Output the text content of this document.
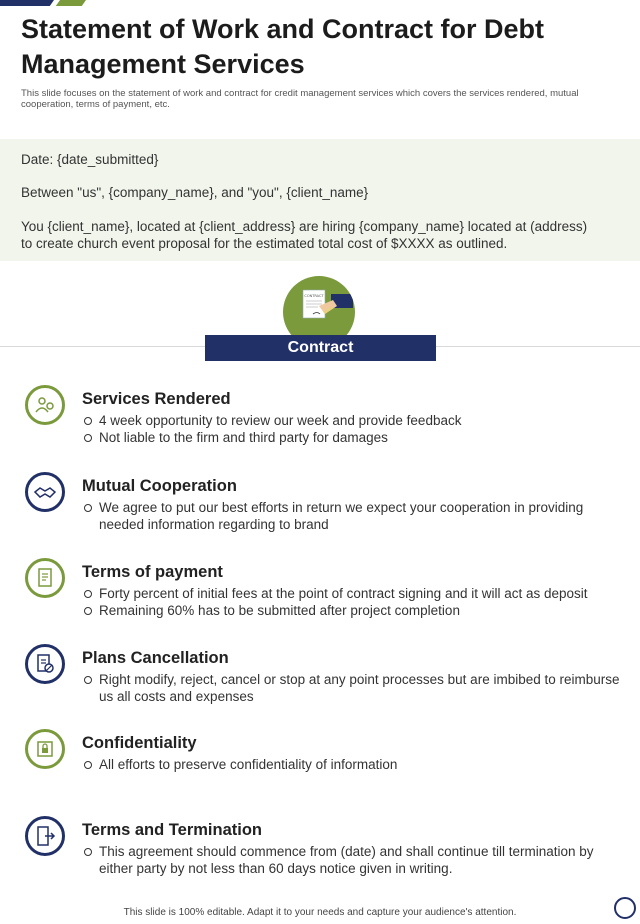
Statement of Work and Contract for Debt Management Services
This slide focuses on the statement of work and contract for credit management services which covers the services rendered, mutual cooperation, terms of payment, etc.
Date: {date_submitted}
Between "us", {company_name}, and "you", {client_name}
You {client_name}, located at {client_address} are hiring {company_name} located at (address) to create church event proposal for the estimated total cost of $XXXX as outlined.
CONTRACT
Contract
Services Rendered
4 week opportunity to review our week and provide feedback
Not liable to the firm and third party for damages
Mutual Cooperation
We agree to put our best efforts in return we expect your cooperation in providing needed information regarding to brand
Terms of payment
Forty percent of initial fees at the point of contract signing and it will act as deposit
Remaining 60% has to be submitted after project completion
Plans Cancellation
Right modify, reject, cancel or stop at any point processes but are imbibed to reimburse us all costs and expenses
Confidentiality
All efforts to preserve confidentiality of information
Terms and Termination
This agreement should commence from (date) and shall continue till termination by either party by not less than 60 days notice given in writing.
This slide is 100% editable. Adapt it to your needs and capture your audience's attention.
